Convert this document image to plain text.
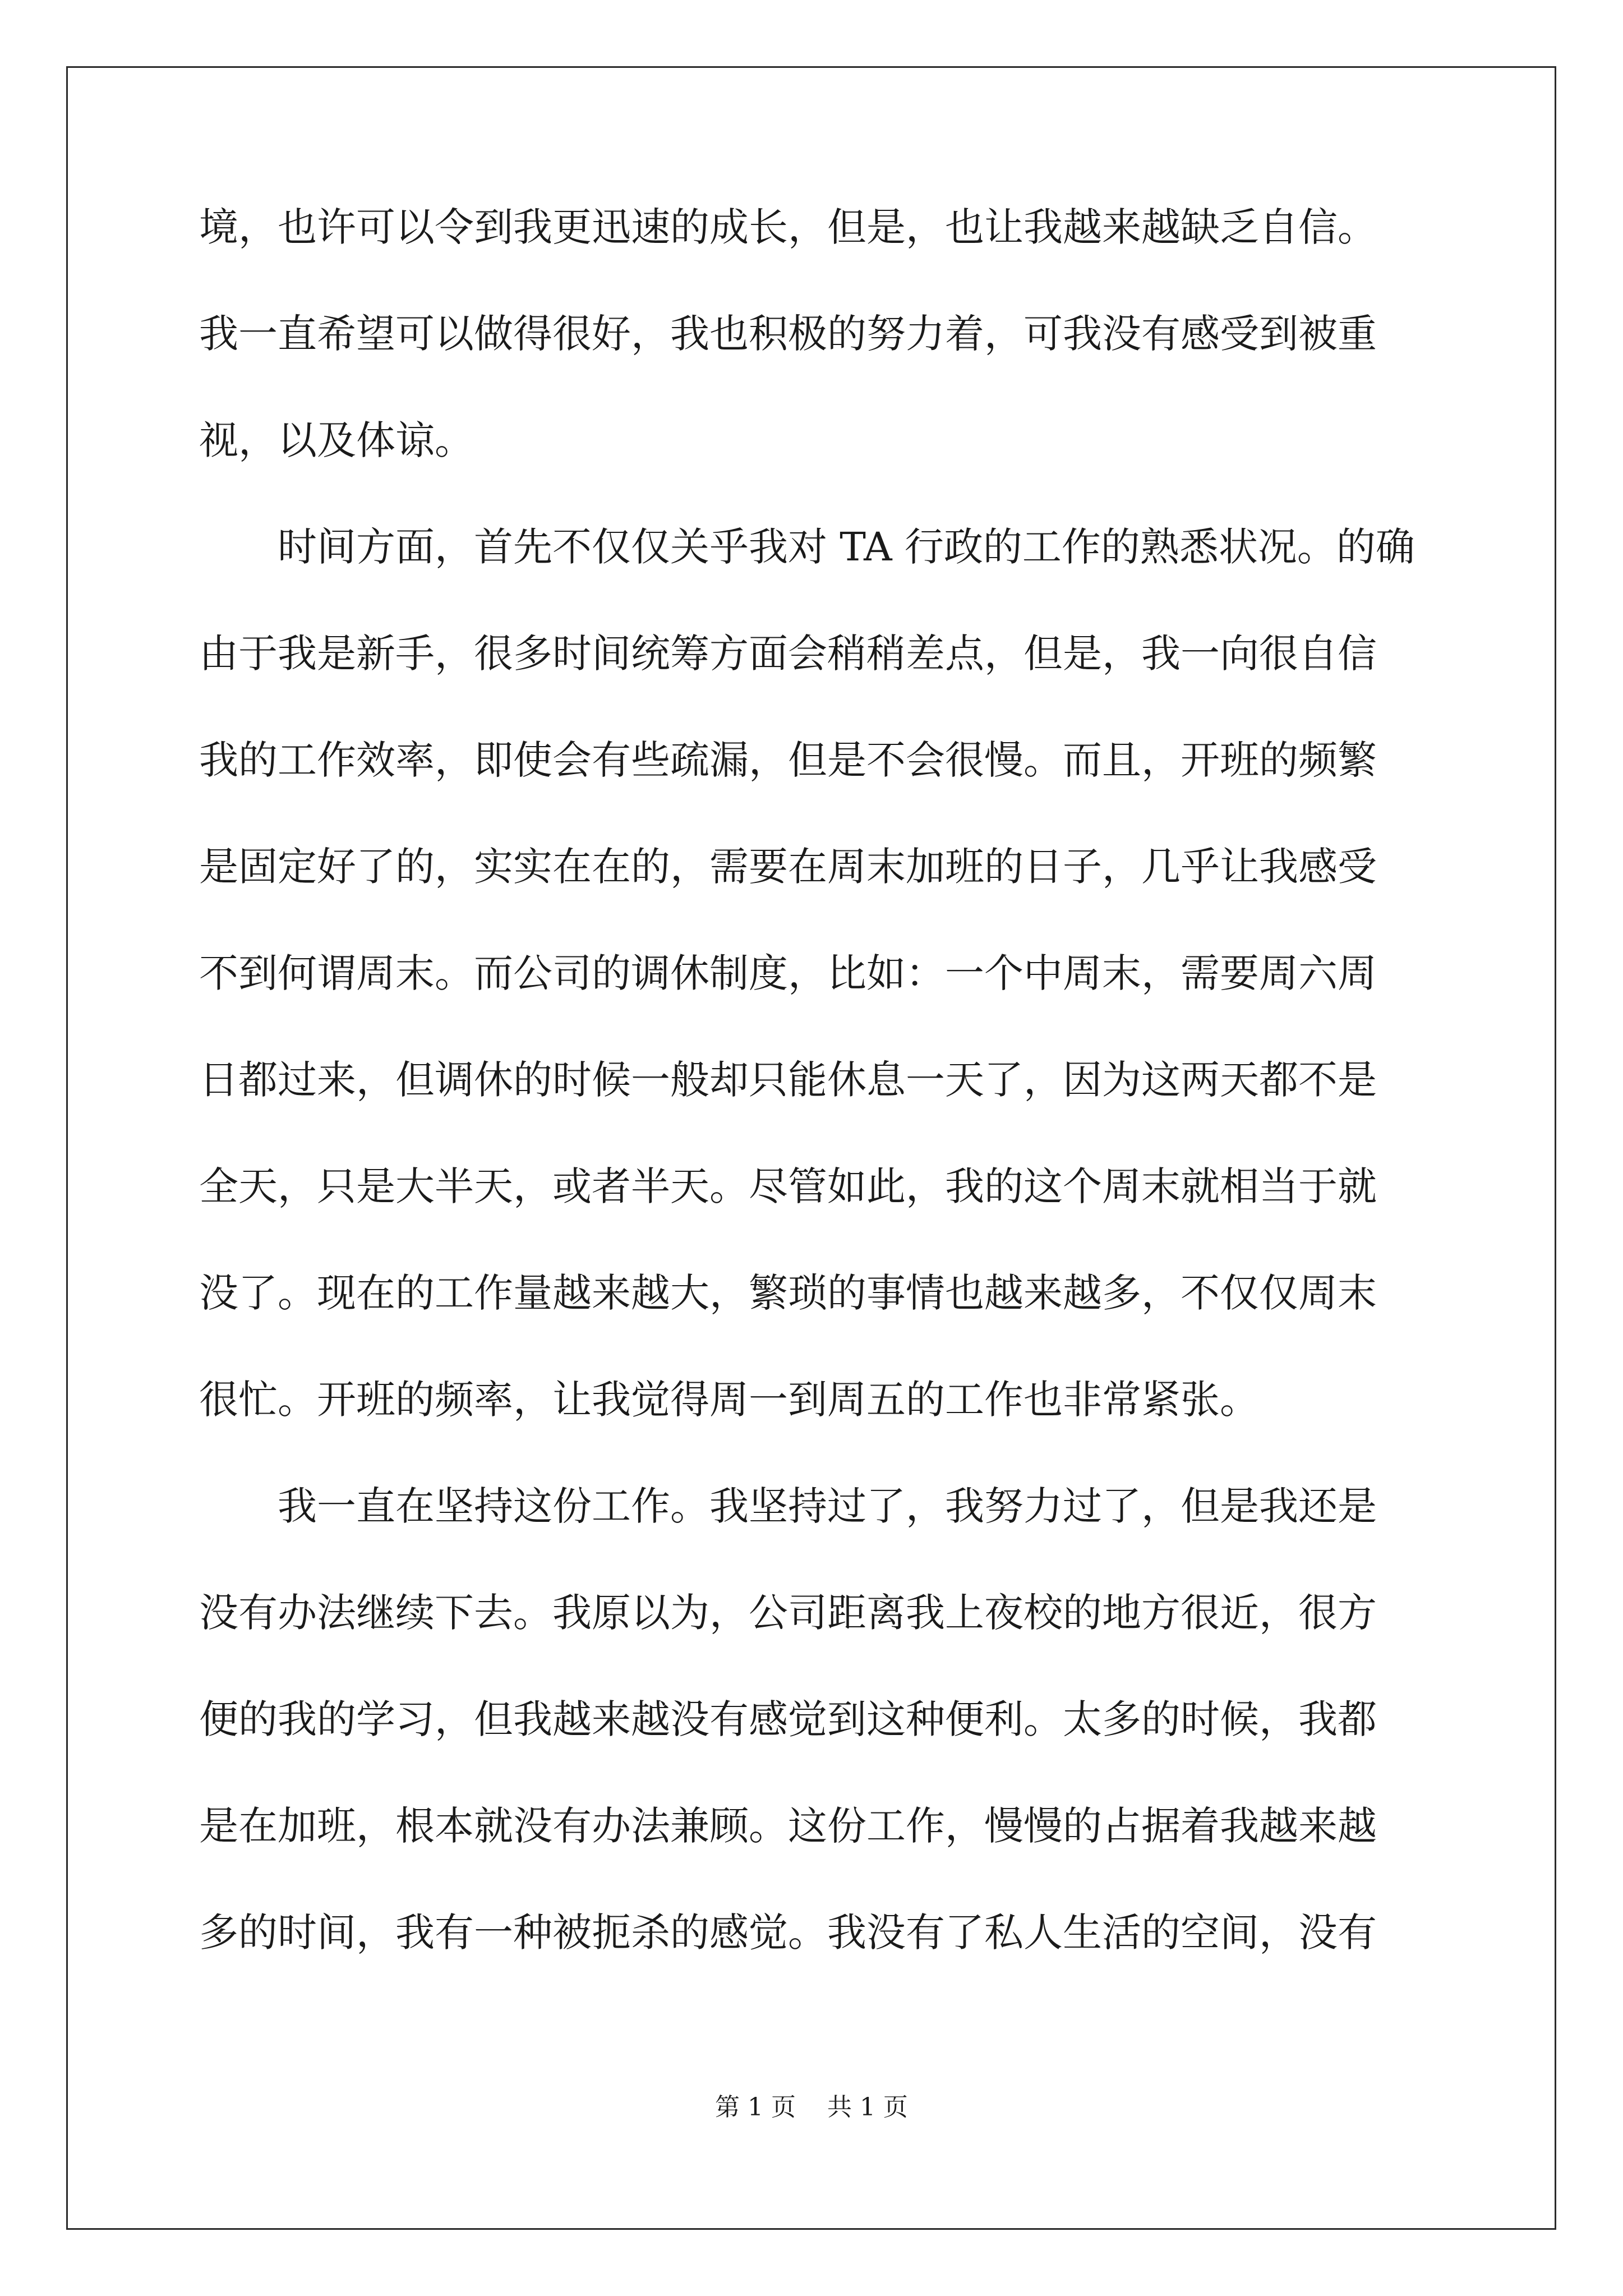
境，也许可以令到我更迅速的成长，但是，也让我越来越缺乏自信。
我一直希望可以做得很好，我也积极的努力着，可我没有感受到被重
视，以及体谅。
时间方面，首先不仅仅关乎我对 TA 行政的工作的熟悉状况。的确
由于我是新手，很多时间统筹方面会稍稍差点，但是，我一向很自信
我的工作效率，即使会有些疏漏，但是不会很慢。而且，开班的频繁
是固定好了的，实实在在的，需要在周末加班的日子，几乎让我感受
不到何谓周末。而公司的调休制度，比如：一个中周末，需要周六周
日都过来，但调休的时候一般却只能休息一天了，因为这两天都不是
全天，只是大半天，或者半天。尽管如此，我的这个周末就相当于就
没了。现在的工作量越来越大，繁琐的事情也越来越多，不仅仅周末
很忙。开班的频率，让我觉得周一到周五的工作也非常紧张。
我一直在坚持这份工作。我坚持过了，我努力过了，但是我还是
没有办法继续下去。我原以为，公司距离我上夜校的地方很近，很方
便的我的学习，但我越来越没有感觉到这种便利。太多的时候，我都
是在加班，根本就没有办法兼顾。这份工作，慢慢的占据着我越来越
多的时间，我有一种被扼杀的感觉。我没有了私人生活的空间，没有
第 1 页    共 1 页
